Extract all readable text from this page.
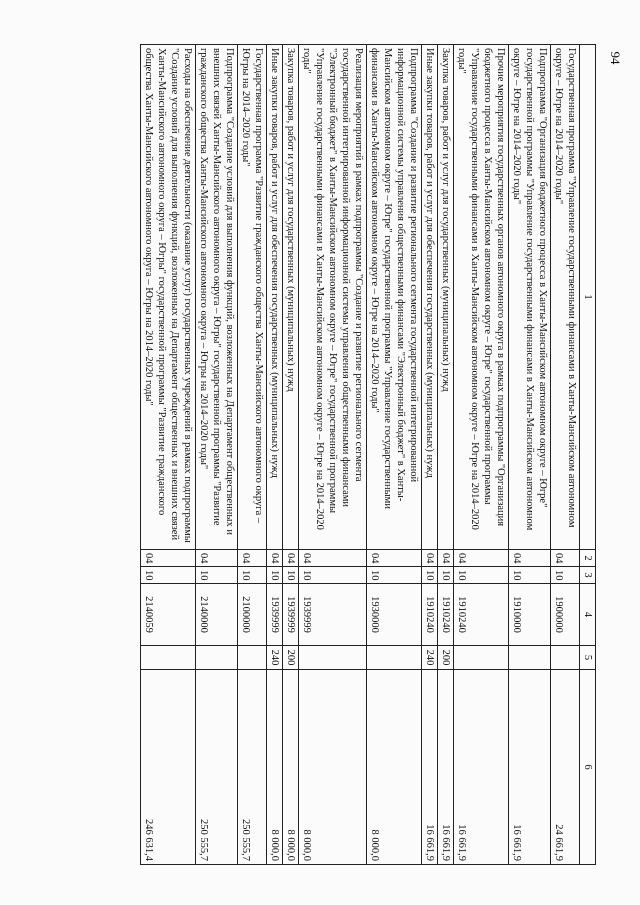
94
1	2	3	4	5	6
Государственная программа "Управление государственными финансами в Ханты-Мансийском автономном округе – Югре на 2014–2020 годы"	04	10	1900000		24 661,9
Подпрограмма "Организация бюджетного процесса в Ханты-Мансийском автономном округе – Югре" государственной программы "Управление государственными финансами в Ханты-Мансийском автономном округе – Югре на 2014–2020 годы"	04	10	1910000		16 661,9
Прочие мероприятия государственных органов автономного округа в рамках подпрограммы "Организация бюджетного процесса в Ханты-Мансийском автономном округе – Югре" государственной программы "Управление государственными финансами в Ханты-Мансийском автономном округе – Югре на 2014–2020 годы"	04	10	1910240		16 661,9
Закупка товаров, работ и услуг для государственных (муниципальных) нужд	04	10	1910240	200	16 661,9
Иные закупки товаров, работ и услуг для обеспечения государственных (муниципальных) нужд	04	10	1910240	240	16 661,9
Подпрограмма "Создание и развитие регионального сегмента государственной интегрированной информационной системы управления общественными финансами "Электронный бюджет" в Ханты-Мансийском автономном округе – Югре" государственной программы "Управление государственными финансами в Ханты-Мансийском автономном округе – Югре на 2014–2020 годы"	04	10	1930000		8 000,0
Реализация мероприятий в рамках подпрограммы "Создание и развитие регионального сегмента государственной интегрированной информационной системы управления общественными финансами "Электронный бюджет" в Ханты-Мансийском автономном округе – Югре" государственной программы "Управление государственными финансами в Ханты-Мансийском автономном округе – Югре на 2014–2020 годы"	04	10	1939999		8 000,0
Закупка товаров, работ и услуг для государственных (муниципальных) нужд	04	10	1939999	200	8 000,0
Иные закупки товаров, работ и услуг для обеспечения государственных (муниципальных) нужд	04	10	1939999	240	8 000,0
Государственная программа "Развитие гражданского общества Ханты-Мансийского автономного округа – Югры на 2014–2020 годы"	04	10	2100000		250 555,7
Подпрограмма "Создание условий для выполнения функций, возложенных на Департамент общественных и внешних связей Ханты-Мансийского автономного округа – Югры" государственной программы "Развитие гражданского общества Ханты-Мансийского автономного округа – Югры на 2014–2020 годы"	04	10	2140000		250 555,7
Расходы на обеспечение деятельности (оказание услуг) государственных учреждений в рамках подпрограммы "Создание условий для выполнения функций, возложенных на Департамент общественных и внешних связей Ханты-Мансийского автономного округа – Югры" государственной программы "Развитие гражданского общества Ханты-Мансийского автономного округа – Югры на 2014–2020 годы"	04	10	2140059		246 631,4
